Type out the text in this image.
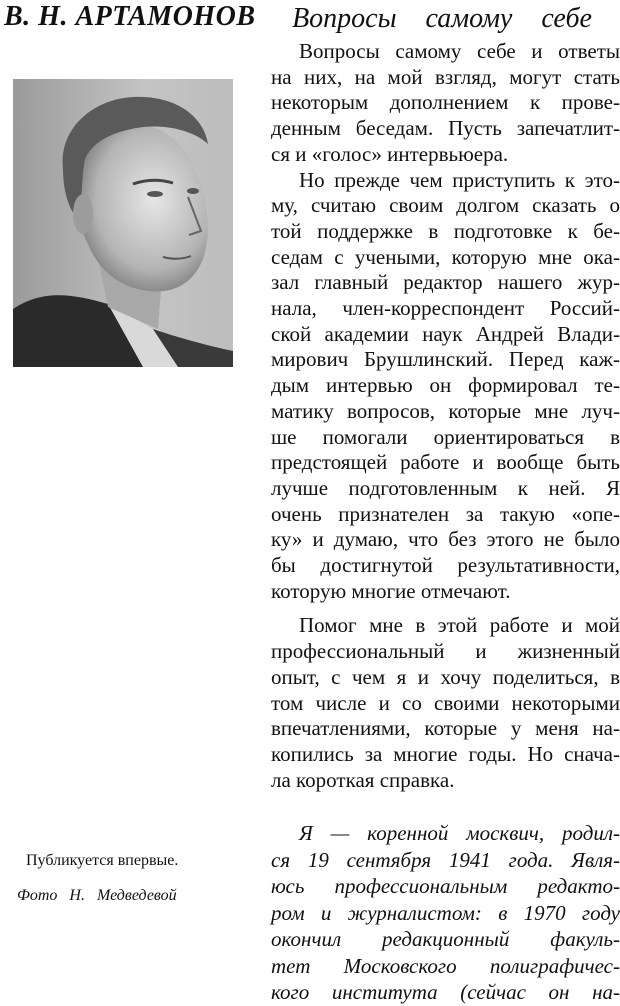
В. Н. АРТАМОНОВ Вопросы самому себе

Вопросы самому себе и ответы
на них, на мой взгляд, могут стать
некоторым дополнением к прове-
денным беседам. Пусть запечатлит-
ся и «голос» интервьюера.

Но прежде чем приступить к это-
му, считаю своим долгом сказать о
той поддержке в подготовке к бе-
седам с учеными, которую мне ока-
зал главный редактор нашего жур-
нала, член-корреспондент Россий-
ской академии наук Андрей Влади-
мирович Брушлинский. Перед каж-
дым интервью он формировал те-
матику вопросов, которые мне луч-
ше помогали ориентироваться в
предстоящей работе и вообще быть
лучше подготовленным к ней. Я
очень признателен за такую «опе-
ку» и думаю, что без этого не было
бы достигнутой результативности,
которую многие отмечают.

Помог мне в этой работе и мой
профессиональный и жизненный
опыт, с чем я и хочу поделиться, в
том числе и со своими некоторыми
впечатлениями, которые у меня на-
копились за многие годы. Но снача-
ла короткая справка.

Я — коренной москвич, родил-
ся 19 сентября 1941 года. Явля-
юсь профессиональным редакто-
ром и журналистом: в 1970 году
окончил редакционный факуль-
тет Московского полиграфичес-
кого института (сейчас он на-

Публикуется впервые.
Фото Н. Медведевой
